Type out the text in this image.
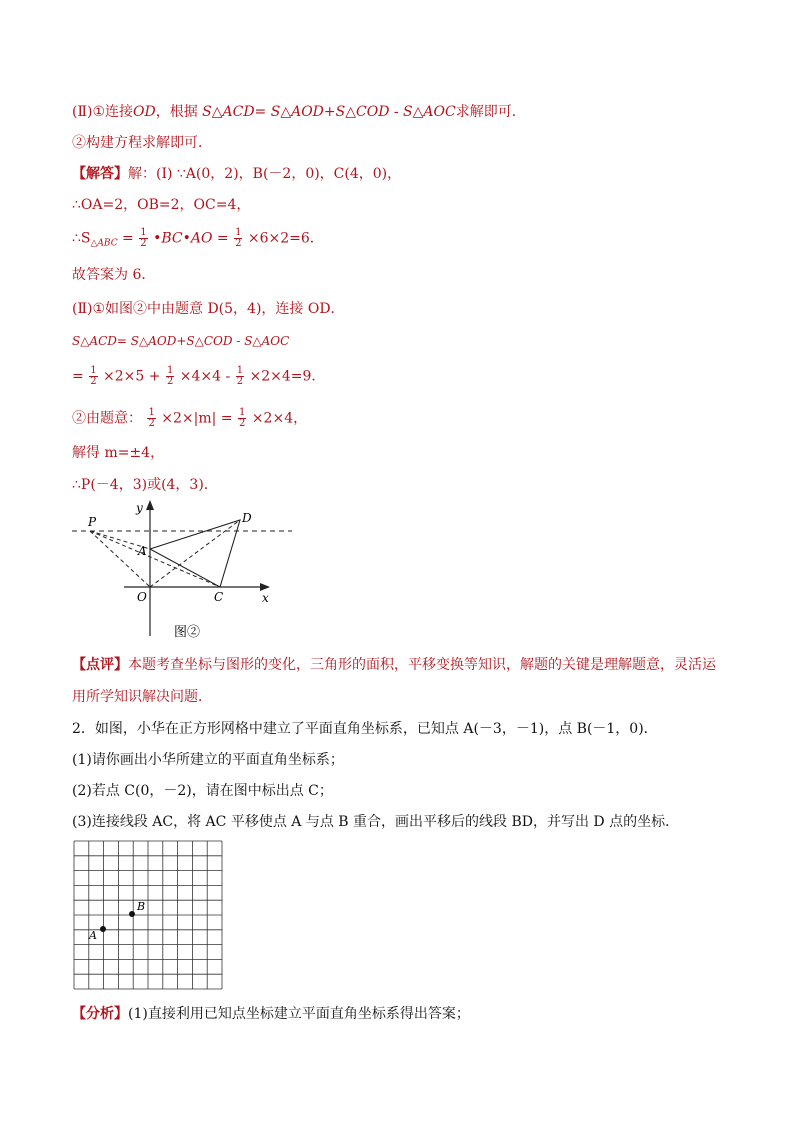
(Ⅱ)①连接OD，根据 S△ACD= S△AOD+S△COD - S△AOC求解即可．
②构建方程求解即可．
【解答】解：(Ⅰ) ∵A(0，2)，B(－2，0)，C(4，0)，
∴OA=2，OB=2，OC=4，
$\therefore S_{\triangle ABC} = \frac{1}{2}$ •BC•AO = $\frac{1}{2} \times 6\times 2=6$．
故答案为 6．
(Ⅱ)①如图②中由题意 D(5，4)，连接 OD．
S△ACD= S△AOD+S△COD - S△AOC
= $\frac{1}{2} \times 2\times 5 + \frac{1}{2} \times 4\times 4 - \frac{1}{2} \times 2\times 4=9$．
②由题意： $\frac{1}{2} \times 2\times|m| = \frac{1}{2} \times 2\times 4$，
解得 m=±4，
∴P(－4，3)或(4，3)．
P	D
A
O	C	x
y
图②
【点评】本题考查坐标与图形的变化，三角形的面积，平移变换等知识，解题的关键是理解题意，灵活运
用所学知识解决问题．
2．如图，小华在正方形网格中建立了平面直角坐标系，已知点 A(－3，－1)，点 B(－1，0)．
(1)请你画出小华所建立的平面直角坐标系；
(2)若点 C(0，－2)，请在图中标出点 C；
(3)连接线段 AC，将 AC 平移使点 A 与点 B 重合，画出平移后的线段 BD，并写出 D 点的坐标．
A
B
【分析】(1)直接利用已知点坐标建立平面直角坐标系得出答案；
